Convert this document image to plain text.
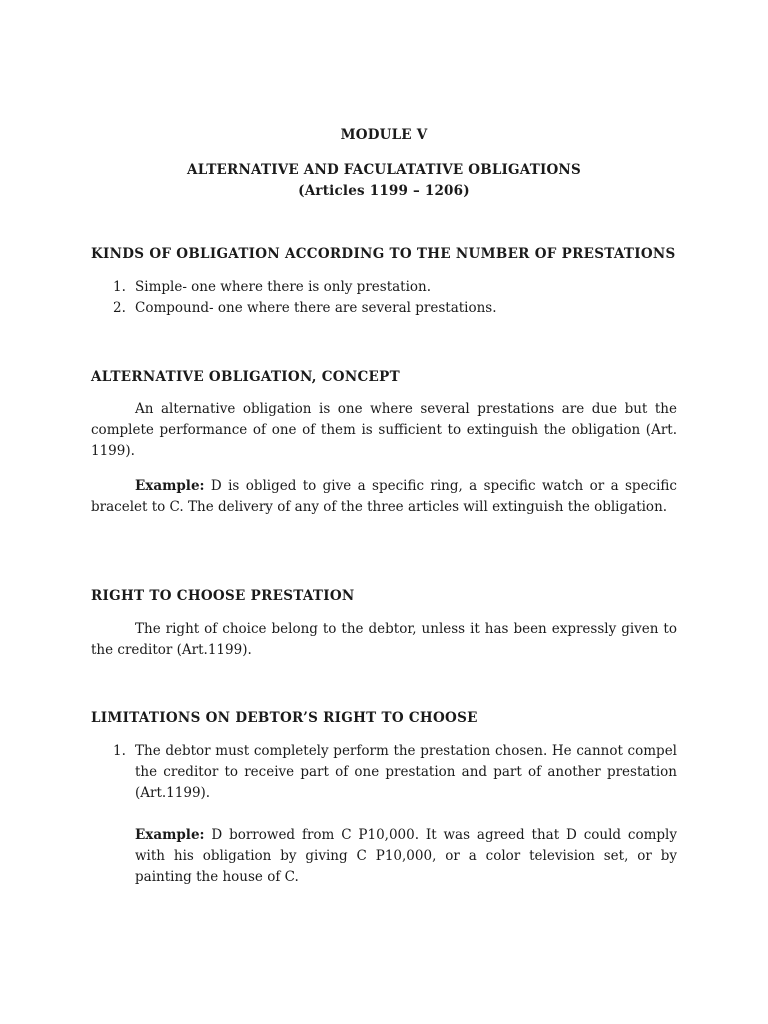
MODULE V
ALTERNATIVE AND FACULATATIVE OBLIGATIONS
(Articles 1199 – 1206)
KINDS OF OBLIGATION ACCORDING TO THE NUMBER OF PRESTATIONS
1. Simple- one where there is only prestation.
2. Compound- one where there are several prestations.
ALTERNATIVE OBLIGATION, CONCEPT
An alternative obligation is one where several prestations are due but the complete performance of one of them is sufficient to extinguish the obligation (Art. 1199).
Example: D is obliged to give a specific ring, a specific watch or a specific bracelet to C. The delivery of any of the three articles will extinguish the obligation.
RIGHT TO CHOOSE PRESTATION
The right of choice belong to the debtor, unless it has been expressly given to the creditor (Art.1199).
LIMITATIONS ON DEBTOR’S RIGHT TO CHOOSE
1. The debtor must completely perform the prestation chosen. He cannot compel the creditor to receive part of one prestation and part of another prestation (Art.1199).
Example: D borrowed from C P10,000. It was agreed that D could comply with his obligation by giving C P10,000, or a color television set, or by painting the house of C.
